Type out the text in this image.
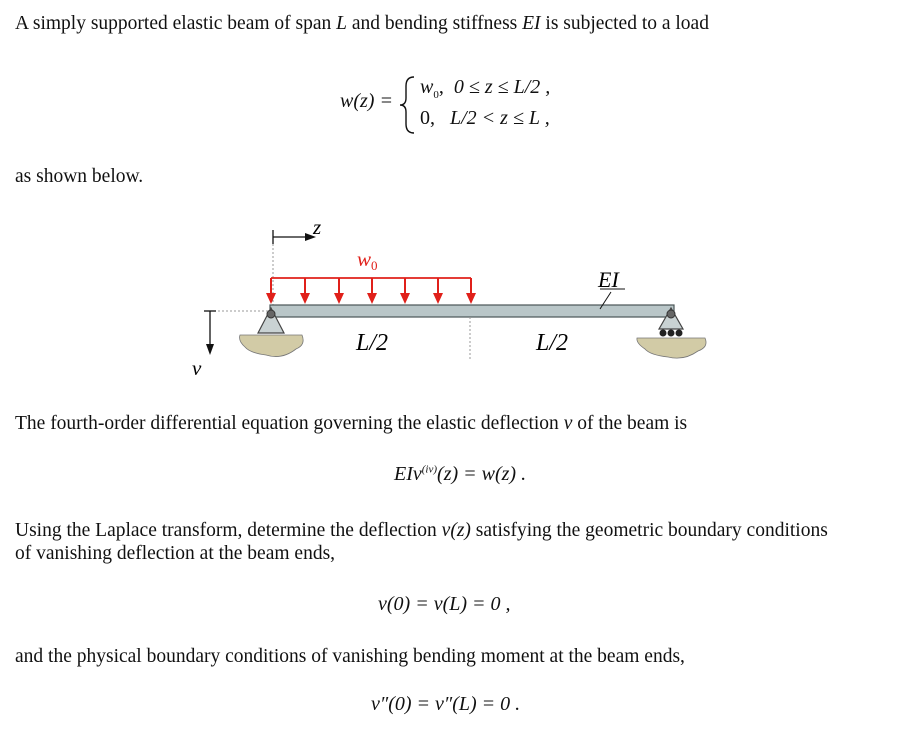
A simply supported elastic beam of span L and bending stiffness EI is subjected to a load
w(z) =
$w_0$,  0 ≤ z ≤ L/2 ,
0, L/2 < z ≤ L ,
as shown below.
z
w0
EI
L/2	L/2
v
The fourth-order differential equation governing the elastic deflection v of the beam is
EIv$^{(iv)}$(z) = w(z) .
Using the Laplace transform, determine the deflection v(z) satisfying the geometric boundary conditions
of vanishing deflection at the beam ends,
v(0) = v(L) = 0 ,
and the physical boundary conditions of vanishing bending moment at the beam ends,
v″(0) = v″(L) = 0 .
